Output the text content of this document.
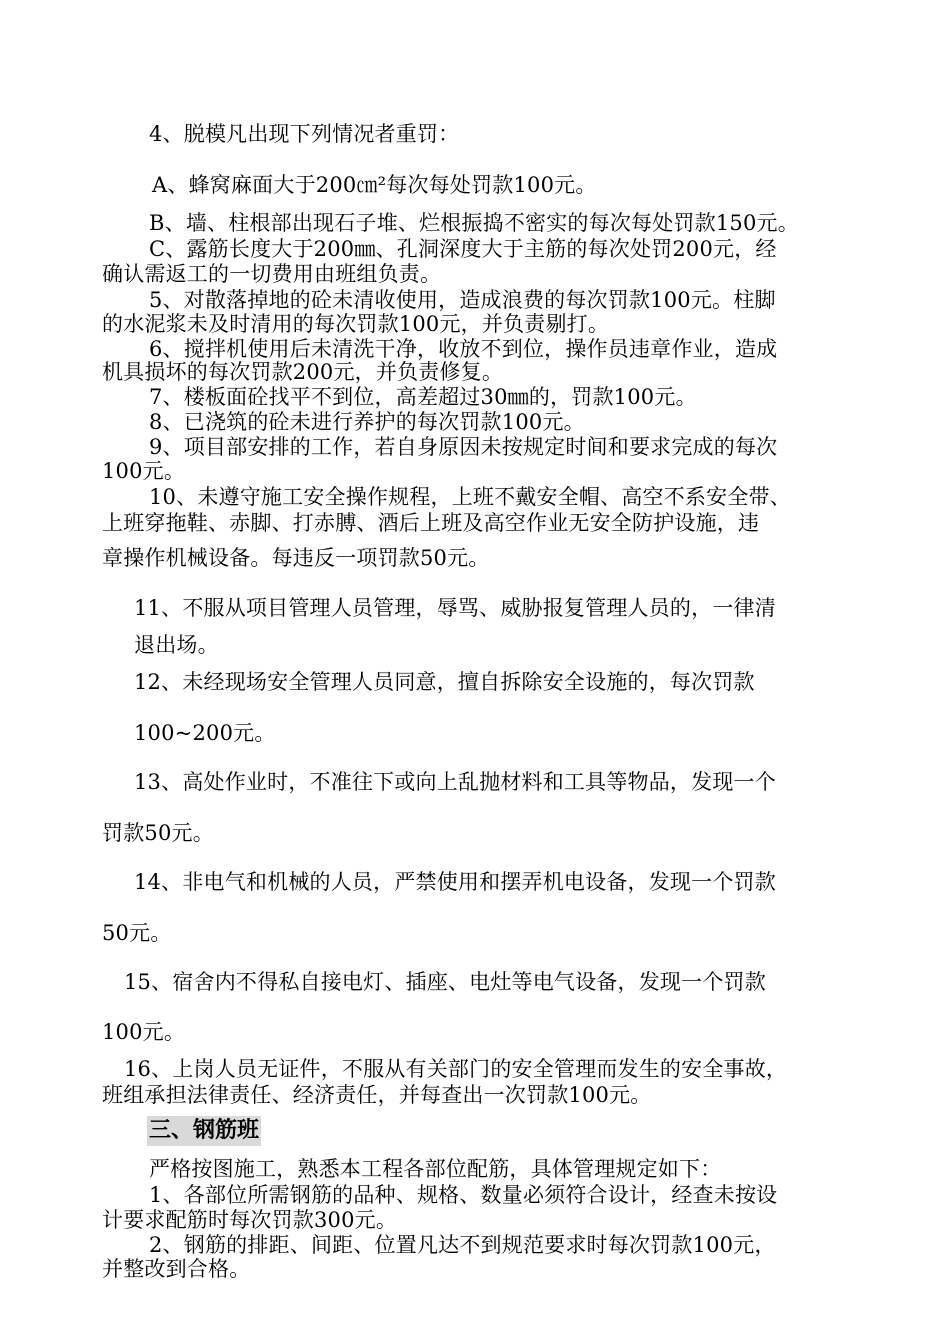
4、脱模凡出现下列情况者重罚：
A、蜂窝麻面大于200㎝²每次每处罚款100元。
B、墙、柱根部出现石子堆、烂根振捣不密实的每次每处罚款150元。
C、露筋长度大于200㎜、孔洞深度大于主筋的每次处罚200元，经
确认需返工的一切费用由班组负责。
5、对散落掉地的砼未清收使用，造成浪费的每次罚款100元。柱脚
的水泥浆未及时清用的每次罚款100元，并负责剔打。
6、搅拌机使用后未清洗干净，收放不到位，操作员违章作业，造成
机具损坏的每次罚款200元，并负责修复。
7、楼板面砼找平不到位，高差超过30㎜的，罚款100元。
8、已浇筑的砼未进行养护的每次罚款100元。
9、项目部安排的工作，若自身原因未按规定时间和要求完成的每次
100元。
10、未遵守施工安全操作规程，上班不戴安全帽、高空不系安全带、
上班穿拖鞋、赤脚、打赤膊、酒后上班及高空作业无安全防护设施，违
章操作机械设备。每违反一项罚款50元。
11、不服从项目管理人员管理，辱骂、威胁报复管理人员的，一律清
退出场。
12、未经现场安全管理人员同意，擅自拆除安全设施的，每次罚款
100~200元。
13、高处作业时，不准往下或向上乱抛材料和工具等物品，发现一个
罚款50元。
14、非电气和机械的人员，严禁使用和摆弄机电设备，发现一个罚款
50元。
15、宿舍内不得私自接电灯、插座、电灶等电气设备，发现一个罚款
100元。
16、上岗人员无证件，不服从有关部门的安全管理而发生的安全事故，
班组承担法律责任、经济责任，并每查出一次罚款100元。
三、钢筋班
严格按图施工，熟悉本工程各部位配筋，具体管理规定如下：
1、各部位所需钢筋的品种、规格、数量必须符合设计，经查未按设
计要求配筋时每次罚款300元。
2、钢筋的排距、间距、位置凡达不到规范要求时每次罚款100元，
并整改到合格。
